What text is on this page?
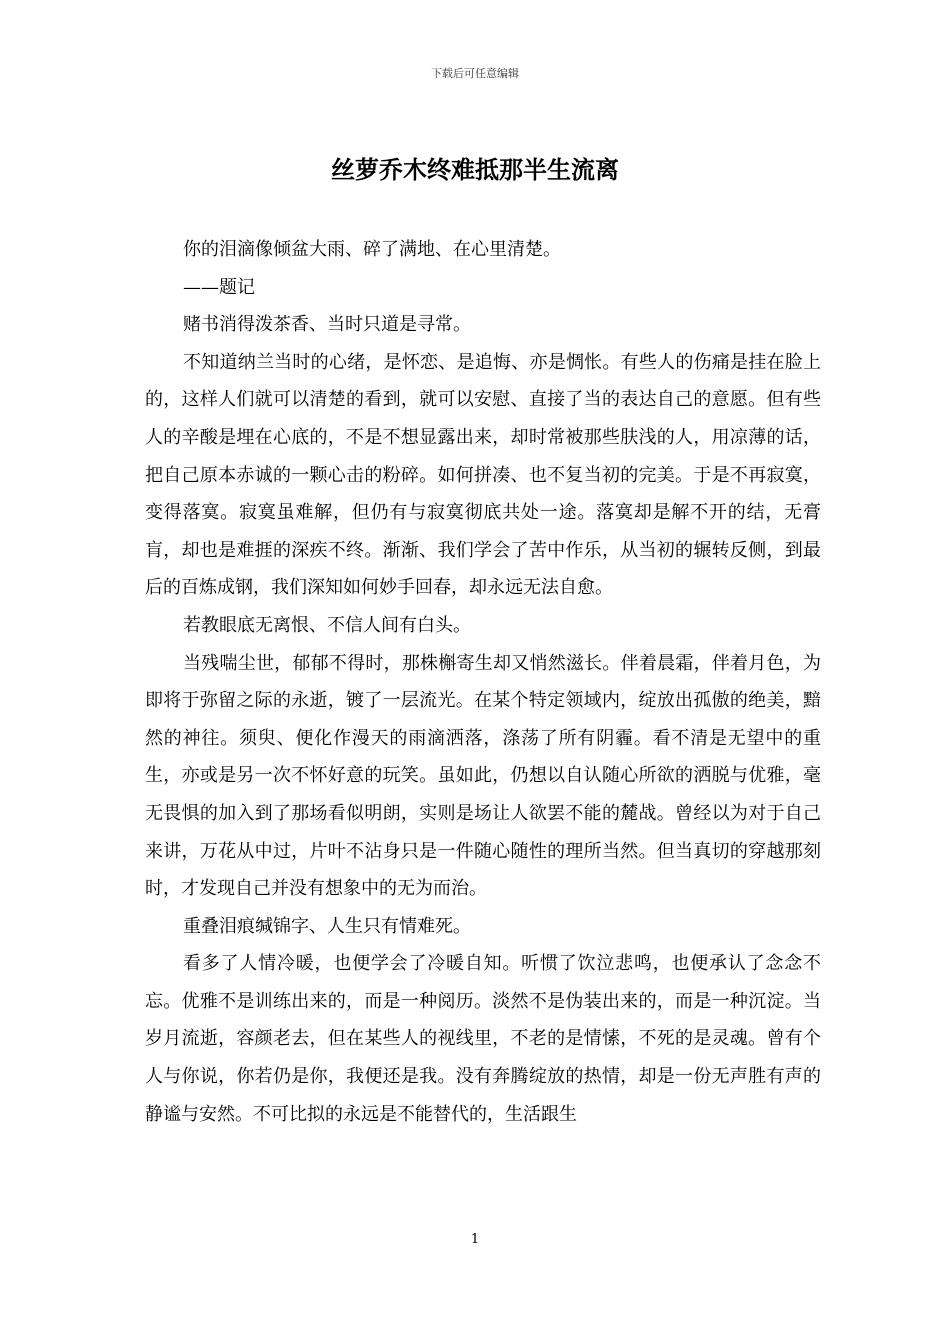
下载后可任意编辑
丝萝乔木终难抵那半生流离

你的泪滴像倾盆大雨、碎了满地、在心里清楚。

——题记

赌书消得泼茶香、当时只道是寻常。

不知道纳兰当时的心绪，是怀恋、是追悔、亦是惆怅。有些人的伤痛是挂在脸上的，这样人们就可以清楚的看到，就可以安慰、直接了当的表达自己的意愿。但有些人的辛酸是埋在心底的，不是不想显露出来，却时常被那些肤浅的人，用凉薄的话，把自己原本赤诚的一颗心击的粉碎。如何拼凑、也不复当初的完美。于是不再寂寞，变得落寞。寂寞虽难解，但仍有与寂寞彻底共处一途。落寞却是解不开的结，无膏肓，却也是难捱的深疾不终。渐渐、我们学会了苦中作乐，从当初的辗转反侧，到最后的百炼成钢，我们深知如何妙手回春，却永远无法自愈。

若教眼底无离恨、不信人间有白头。

当残喘尘世，郁郁不得时，那株槲寄生却又悄然滋长。伴着晨霜，伴着月色，为即将于弥留之际的永逝，镀了一层流光。在某个特定领域内，绽放出孤傲的绝美，黯然的神往。须臾、便化作漫天的雨滴洒落，涤荡了所有阴霾。看不清是无望中的重生，亦或是另一次不怀好意的玩笑。虽如此，仍想以自认随心所欲的洒脱与优雅，毫无畏惧的加入到了那场看似明朗，实则是场让人欲罢不能的麓战。曾经以为对于自己来讲，万花从中过，片叶不沾身只是一件随心随性的理所当然。但当真切的穿越那刻时，才发现自己并没有想象中的无为而治。

重叠泪痕缄锦字、人生只有情难死。

看多了人情冷暖，也便学会了冷暖自知。听惯了饮泣悲鸣，也便承认了念念不忘。优雅不是训练出来的，而是一种阅历。淡然不是伪装出来的，而是一种沉淀。当岁月流逝，容颜老去，但在某些人的视线里，不老的是情愫，不死的是灵魂。曾有个人与你说，你若仍是你，我便还是我。没有奔腾绽放的热情，却是一份无声胜有声的静谧与安然。不可比拟的永远是不能替代的，生活跟生

1
